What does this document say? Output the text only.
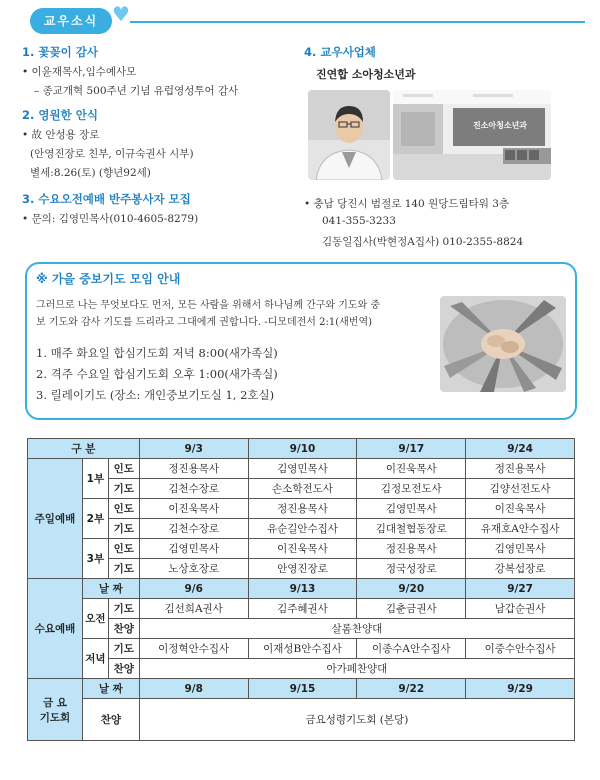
교우소식 ♥
1. 꽃꽂이 감사
• 이윤재목사,임수예사모
– 종교개혁 500주년 기념 유럽영성투어 감사
2. 영원한 안식
• 故 안성용 장로
(안영진장로 친부, 이규숙권사 시부)
별세:8.26(토) (향년92세)
3. 수요오전예배 반주봉사자 모집
• 문의: 김영민목사(010-4605-8279)
4. 교우사업체
진연합 소아청소년과
진소아청소년과
• 충남 당진시 범절로 140 원당드림타워 3층
041-355-3233
김동일집사(박현정A집사) 010-2355-8824
※ 가을 중보기도 모임 안내
그러므로 나는 무엇보다도 먼저, 모든 사람을 위해서 하나님께 간구와 기도와 중
보 기도와 감사 기도를 드리라고 그대에게 권합니다. -디모데전서 2:1(새번역)
1. 매주 화요일 합심기도회 저녁 8:00(새가족실)
2. 격주 수요일 합심기도회 오후 1:00(새가족실)
3. 릴레이기도 (장소: 개인중보기도실 1, 2호실)
구 분			9/3	9/10	9/17	9/24
주일예배	1부	인도	정진용목사	김영민목사	이진욱목사	정진용목사
		기도	김천수장로	손소학전도사	김정모전도사	김양선전도사
	2부	인도	이진욱목사	정진용목사	김영민목사	이진욱목사
		기도	김천수장로	유순길안수집사	김대철협동장로	유재호A안수집사
	3부	인도	김영민목사	이진욱목사	정진용목사	김영민목사
		기도	노상호장로	안영진장로	정국성장로	강복섭장로
수요예배	날 짜		9/6	9/13	9/20	9/27
	오전	기도	김선희A권사	김주혜권사	김춘금권사	남갑순권사
		찬양	살롬찬양대			
	저녁	기도	이정혁안수집사	이재성B안수집사	이종수A안수집사	이중수안수집사
		찬양	아가페찬양대			

금 요
기도회	날 짜		9/8	9/15	9/22	9/29
	찬양		금요성령기도회 (본당)			
